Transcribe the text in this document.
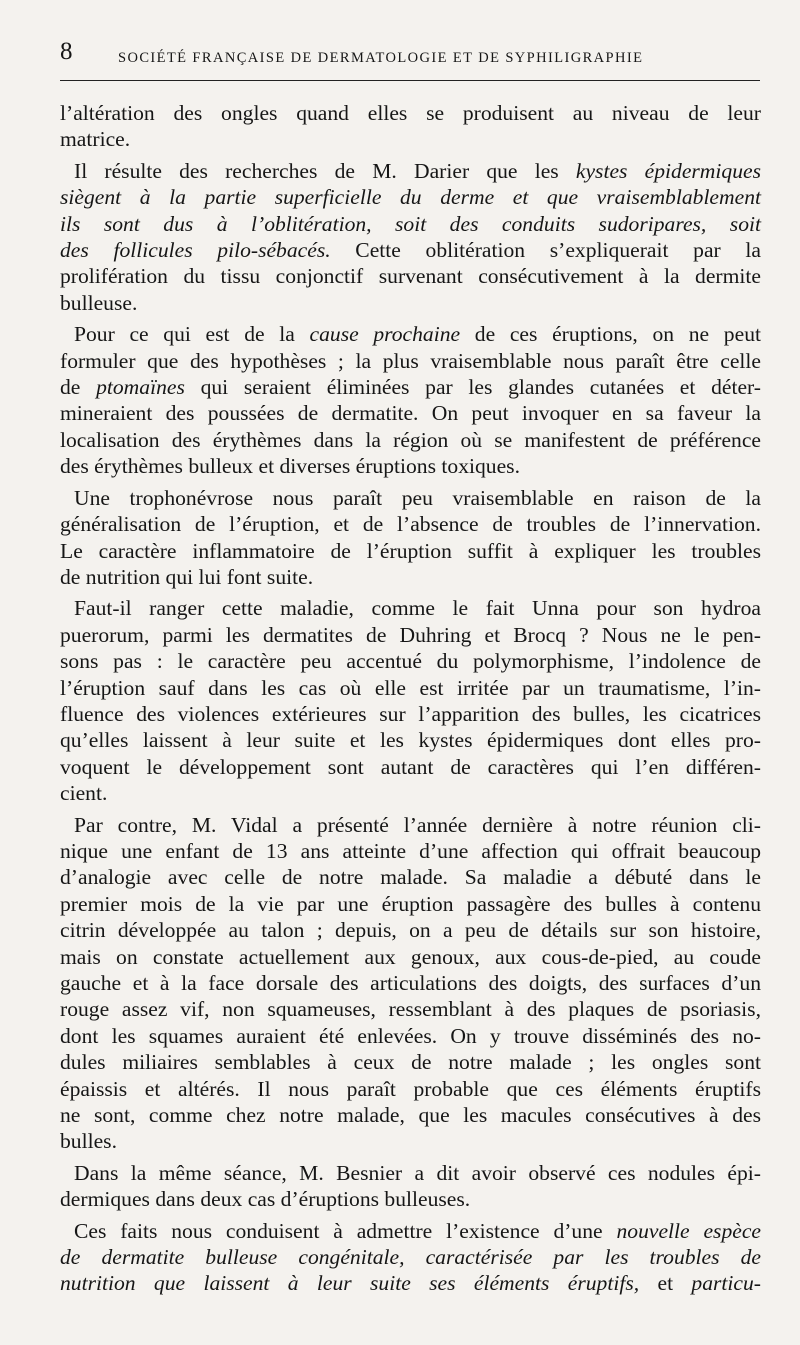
8	SOCIÉTÉ FRANÇAISE DE DERMATOLOGIE ET DE SYPHILIGRAPHIE
l’altération des ongles quand elles se produisent au niveau de leur
matrice.
Il résulte des recherches de M. Darier que les kystes épidermiques
siègent à la partie superficielle du derme et que vraisemblablement
ils sont dus à l’oblitération, soit des conduits sudoripares, soit
des follicules pilo-sébacés. Cette oblitération s’expliquerait par la
prolifération du tissu conjonctif survenant consécutivement à la dermite
bulleuse.
Pour ce qui est de la cause prochaine de ces éruptions, on ne peut
formuler que des hypothèses ; la plus vraisemblable nous paraît être celle
de ptomaïnes qui seraient éliminées par les glandes cutanées et déter-
mineraient des poussées de dermatite. On peut invoquer en sa faveur la
localisation des érythèmes dans la région où se manifestent de préférence
des érythèmes bulleux et diverses éruptions toxiques.
Une trophonévrose nous paraît peu vraisemblable en raison de la
généralisation de l’éruption, et de l’absence de troubles de l’innervation.
Le caractère inflammatoire de l’éruption suffit à expliquer les troubles
de nutrition qui lui font suite.
Faut-il ranger cette maladie, comme le fait Unna pour son hydroa
puerorum, parmi les dermatites de Duhring et Brocq ? Nous ne le pen-
sons pas : le caractère peu accentué du polymorphisme, l’indolence de
l’éruption sauf dans les cas où elle est irritée par un traumatisme, l’in-
fluence des violences extérieures sur l’apparition des bulles, les cicatrices
qu’elles laissent à leur suite et les kystes épidermiques dont elles pro-
voquent le développement sont autant de caractères qui l’en différen-
cient.
Par contre, M. Vidal a présenté l’année dernière à notre réunion cli-
nique une enfant de 13 ans atteinte d’une affection qui offrait beaucoup
d’analogie avec celle de notre malade. Sa maladie a débuté dans le
premier mois de la vie par une éruption passagère des bulles à contenu
citrin développée au talon ; depuis, on a peu de détails sur son histoire,
mais on constate actuellement aux genoux, aux cous-de-pied, au coude
gauche et à la face dorsale des articulations des doigts, des surfaces d’un
rouge assez vif, non squameuses, ressemblant à des plaques de psoriasis,
dont les squames auraient été enlevées. On y trouve disséminés des no-
dules miliaires semblables à ceux de notre malade ; les ongles sont
épaissis et altérés. Il nous paraît probable que ces éléments éruptifs
ne sont, comme chez notre malade, que les macules consécutives à des
bulles.
Dans la même séance, M. Besnier a dit avoir observé ces nodules épi-
dermiques dans deux cas d’éruptions bulleuses.
Ces faits nous conduisent à admettre l’existence d’une nouvelle espèce
de dermatite bulleuse congénitale, caractérisée par les troubles de
nutrition que laissent à leur suite ses éléments éruptifs, et particu-
